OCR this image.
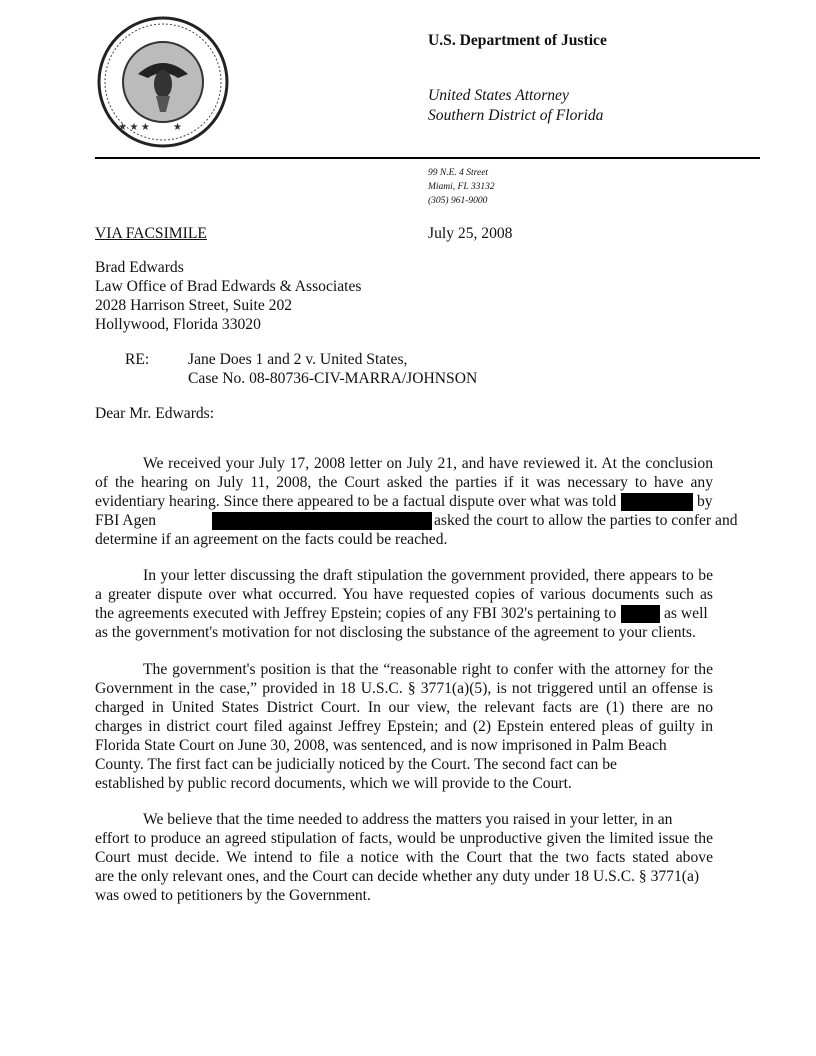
★ ★ ★ ★
U.S. Department of Justice
United States Attorney
Southern District of Florida
99 N.E. 4 Street
Miami, FL 33132
(305) 961-9000
VIA FACSIMILE	July 25, 2008
Brad Edwards
Law Office of Brad Edwards & Associates
2028 Harrison Street, Suite 202
Hollywood, Florida 33020
RE: Jane Does 1 and 2 v. United States,
Case No. 08-80736-CIV-MARRA/JOHNSON
Dear Mr. Edwards:
We received your July 17, 2008 letter on July 21, and have reviewed it. At the conclusion
of the hearing on July 11, 2008, the Court asked the parties if it was necessary to have any
evidentiary hearing. Since there appeared to be a factual dispute over what was told	by
FBI Agen	asked the court to allow the parties to confer and
determine if an agreement on the facts could be reached.
In your letter discussing the draft stipulation the government provided, there appears to be
a greater dispute over what occurred. You have requested copies of various documents such as
the agreements executed with Jeffrey Epstein; copies of any FBI 302's pertaining to	as well
as the government's motivation for not disclosing the substance of the agreement to your clients.
The government's position is that the “reasonable right to confer with the attorney for the
Government in the case,” provided in 18 U.S.C. § 3771(a)(5), is not triggered until an offense is
charged in United States District Court. In our view, the relevant facts are (1) there are no
charges in district court filed against Jeffrey Epstein; and (2) Epstein entered pleas of guilty in
Florida State Court on June 30, 2008, was sentenced, and is now imprisoned in Palm Beach
County. The first fact can be judicially noticed by the Court. The second fact can be
established by public record documents, which we will provide to the Court.
We believe that the time needed to address the matters you raised in your letter, in an
effort to produce an agreed stipulation of facts, would be unproductive given the limited issue the
Court must decide. We intend to file a notice with the Court that the two facts stated above
are the only relevant ones, and the Court can decide whether any duty under 18 U.S.C. § 3771(a)
was owed to petitioners by the Government.
